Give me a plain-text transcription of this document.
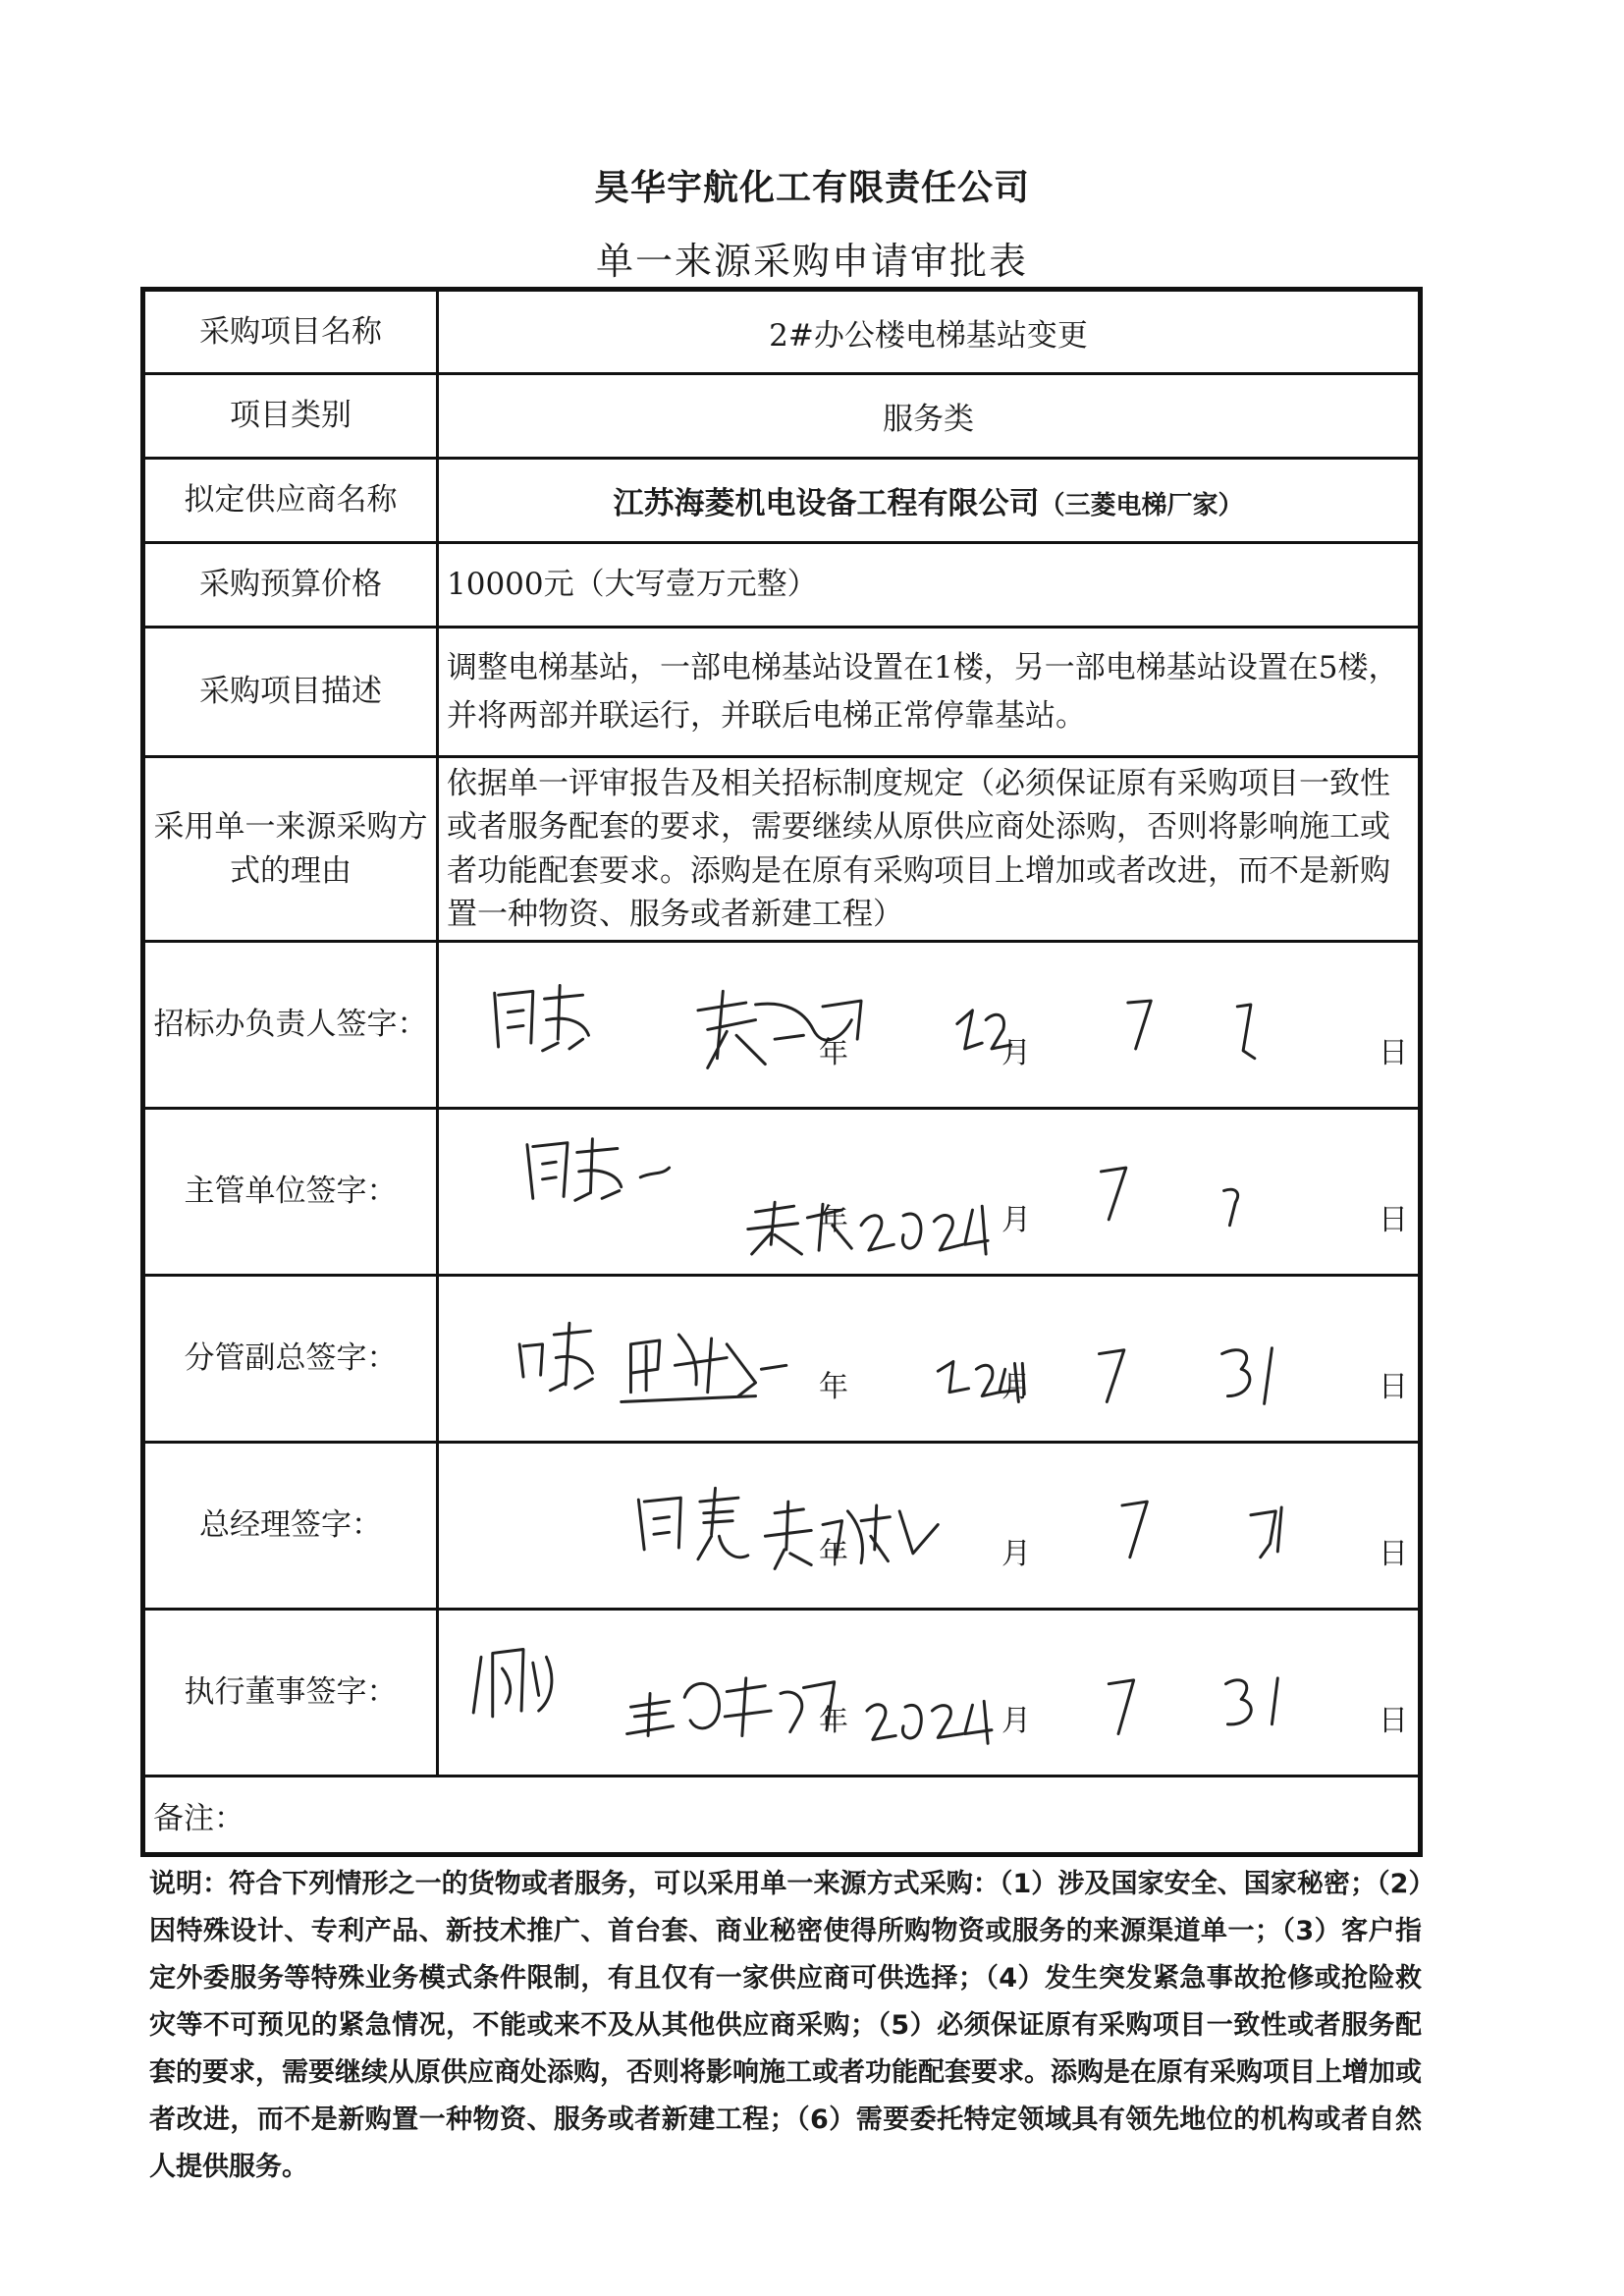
昊华宇航化工有限责任公司
单一来源采购申请审批表
采购项目名称	2#办公楼电梯基站变更
项目类别	服务类
拟定供应商名称	江苏海菱机电设备工程有限公司（三菱电梯厂家）
采购预算价格	10000元（大写壹万元整）
采购项目描述	调整电梯基站，一部电梯基站设置在1楼，另一部电梯基站设置在5楼，并将两部并联运行，并联后电梯正常停靠基站。
采用单一来源采购方式的理由	依据单一评审报告及相关招标制度规定（必须保证原有采购项目一致性或者服务配套的要求，需要继续从原供应商处添购，否则将影响施工或者功能配套要求。添购是在原有采购项目上增加或者改进，而不是新购置一种物资、服务或者新建工程）
招标办负责人签字：	年 月 日

主管单位签字：	年 月 日

分管副总签字：	年 月 日

总经理签字：	年 月 日

执行董事签字：	年 月 日

备注：	
说明：符合下列情形之一的货物或者服务，可以采用单一来源方式采购：（1）涉及国家安全、国家秘密；（2）因特殊设计、专利产品、新技术推广、首台套、商业秘密使得所购物资或服务的来源渠道单一；（3）客户指定外委服务等特殊业务模式条件限制，有且仅有一家供应商可供选择；（4）发生突发紧急事故抢修或抢险救灾等不可预见的紧急情况，不能或来不及从其他供应商采购；（5）必须保证原有采购项目一致性或者服务配套的要求，需要继续从原供应商处添购，否则将影响施工或者功能配套要求。添购是在原有采购项目上增加或者改进，而不是新购置一种物资、服务或者新建工程；（6）需要委托特定领域具有领先地位的机构或者自然人提供服务。
